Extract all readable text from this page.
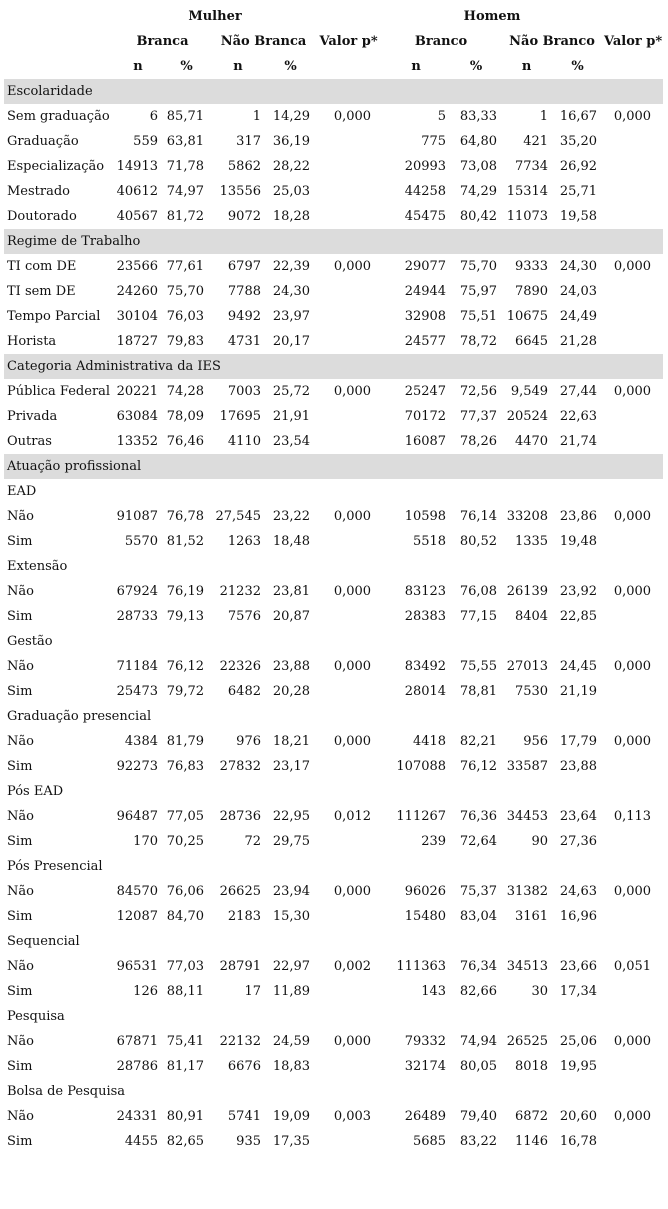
	Mulher					Homem				
	Branca		Não Branca		Valor p*	Branco		Não Branco		Valor p*
	n	%	n	%		n	%	n	%	
Escolaridade										
Sem graduação	6	85,71	1	14,29	0,000	5	83,33	1	16,67	0,000
Graduação	559	63,81	317	36,19		775	64,80	421	35,20	
Especialização	14913	71,78	5862	28,22		20993	73,08	7734	26,92	
Mestrado	40612	74,97	13556	25,03		44258	74,29	15314	25,71	
Doutorado	40567	81,72	9072	18,28		45475	80,42	11073	19,58	
Regime de Trabalho										
TI com DE	23566	77,61	6797	22,39	0,000	29077	75,70	9333	24,30	0,000
TI sem DE	24260	75,70	7788	24,30		24944	75,97	7890	24,03	
Tempo Parcial	30104	76,03	9492	23,97		32908	75,51	10675	24,49	
Horista	18727	79,83	4731	20,17		24577	78,72	6645	21,28	
Categoria Administrativa da IES										
Pública Federal	20221	74,28	7003	25,72	0,000	25247	72,56	9,549	27,44	0,000
Privada	63084	78,09	17695	21,91		70172	77,37	20524	22,63	
Outras	13352	76,46	4110	23,54		16087	78,26	4470	21,74	
Atuação profissional										
EAD										
Não	91087	76,78	27,545	23,22	0,000	10598	76,14	33208	23,86	0,000
Sim	5570	81,52	1263	18,48		5518	80,52	1335	19,48	
Extensão										
Não	67924	76,19	21232	23,81	0,000	83123	76,08	26139	23,92	0,000
Sim	28733	79,13	7576	20,87		28383	77,15	8404	22,85	
Gestão										
Não	71184	76,12	22326	23,88	0,000	83492	75,55	27013	24,45	0,000
Sim	25473	79,72	6482	20,28		28014	78,81	7530	21,19	
Graduação presencial										
Não	4384	81,79	976	18,21	0,000	4418	82,21	956	17,79	0,000
Sim	92273	76,83	27832	23,17		107088	76,12	33587	23,88	
Pós EAD										
Não	96487	77,05	28736	22,95	0,012	111267	76,36	34453	23,64	0,113
Sim	170	70,25	72	29,75		239	72,64	90	27,36	
Pós Presencial										
Não	84570	76,06	26625	23,94	0,000	96026	75,37	31382	24,63	0,000
Sim	12087	84,70	2183	15,30		15480	83,04	3161	16,96	
Sequencial										
Não	96531	77,03	28791	22,97	0,002	111363	76,34	34513	23,66	0,051
Sim	126	88,11	17	11,89		143	82,66	30	17,34	
Pesquisa										
Não	67871	75,41	22132	24,59	0,000	79332	74,94	26525	25,06	0,000
Sim	28786	81,17	6676	18,83		32174	80,05	8018	19,95	
Bolsa de Pesquisa										
Não	24331	80,91	5741	19,09	0,003	26489	79,40	6872	20,60	0,000
Sim	4455	82,65	935	17,35		5685	83,22	1146	16,78	
